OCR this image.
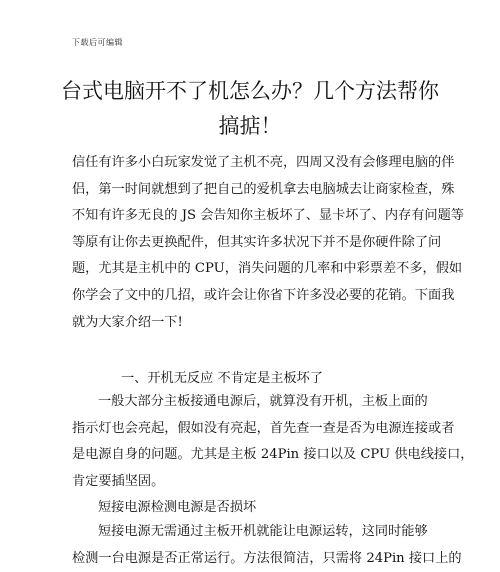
下载后可编辑
台式电脑开不了机怎么办？几个方法帮你
搞掂！
信任有许多小白玩家发觉了主机不亮，四周又没有会修理电脑的伴
侣，第一时间就想到了把自己的爱机拿去电脑城去让商家检查，殊
不知有许多无良的 JS 会告知你主板坏了、显卡坏了、内存有问题等
等原有让你去更换配件，但其实许多状况下并不是你硬件除了问
题，尤其是主机中的 CPU，消失问题的几率和中彩票差不多，假如
你学会了文中的几招，或许会让你省下许多没必要的花销。下面我
就为大家介绍一下!
一、开机无反应 不肯定是主板坏了
一般大部分主板接通电源后，就算没有开机，主板上面的
指示灯也会亮起，假如没有亮起，首先查一查是否为电源连接或者
是电源自身的问题。尤其是主板 24Pin 接口以及 CPU 供电线接口，
肯定要插坚固。
短接电源检测电源是否损坏
短接电源无需通过主板开机就能让电源运转，这同时能够
检测一台电源是否正常运行。方法很简洁，只需将 24Pin 接口上的
